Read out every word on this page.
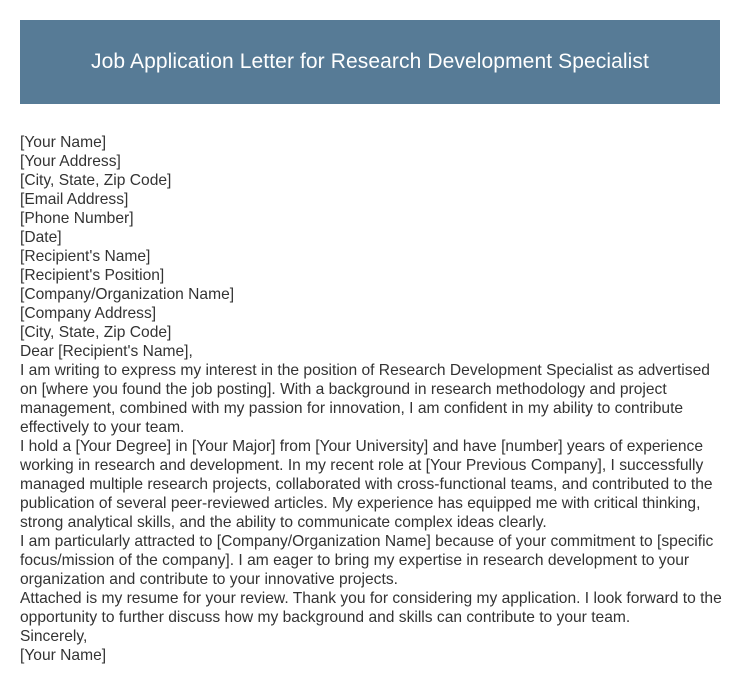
Job Application Letter for Research Development Specialist
[Your Name]
[Your Address]
[City, State, Zip Code]
[Email Address]
[Phone Number]
[Date]
[Recipient's Name]
[Recipient's Position]
[Company/Organization Name]
[Company Address]
[City, State, Zip Code]
Dear [Recipient's Name],
I am writing to express my interest in the position of Research Development Specialist as advertised on [where you found the job posting]. With a background in research methodology and project management, combined with my passion for innovation, I am confident in my ability to contribute effectively to your team.
I hold a [Your Degree] in [Your Major] from [Your University] and have [number] years of experience working in research and development. In my recent role at [Your Previous Company], I successfully managed multiple research projects, collaborated with cross-functional teams, and contributed to the publication of several peer-reviewed articles. My experience has equipped me with critical thinking, strong analytical skills, and the ability to communicate complex ideas clearly.
I am particularly attracted to [Company/Organization Name] because of your commitment to [specific focus/mission of the company]. I am eager to bring my expertise in research development to your organization and contribute to your innovative projects.
Attached is my resume for your review. Thank you for considering my application. I look forward to the opportunity to further discuss how my background and skills can contribute to your team.
Sincerely,
[Your Name]
